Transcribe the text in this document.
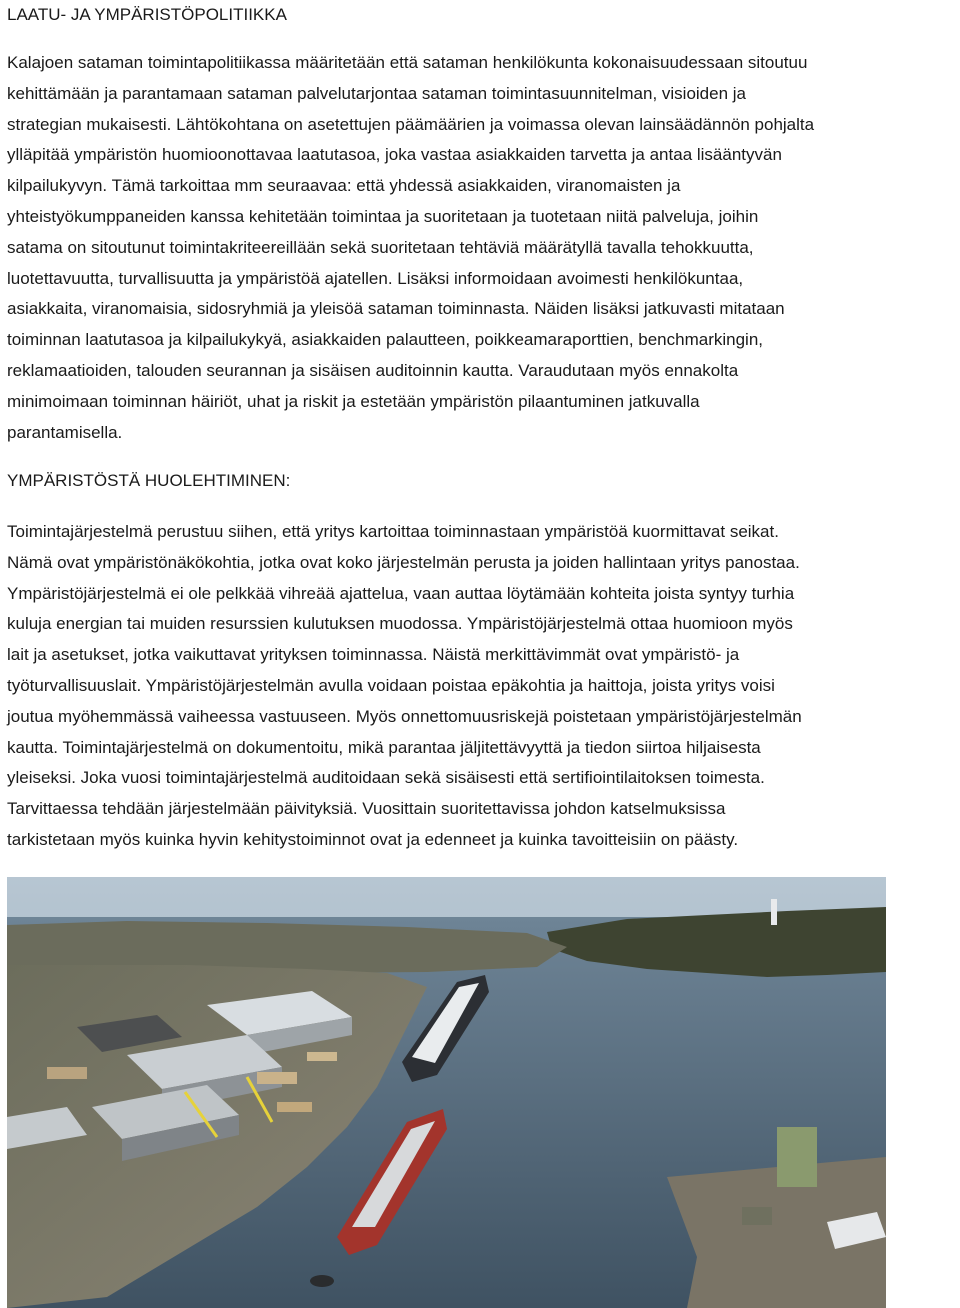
LAATU- JA YMPÄRISTÖPOLITIIKKA

Kalajoen sataman toimintapolitiikassa määritetään että sataman henkilökunta kokonaisuudessaan sitoutuu
kehittämään ja parantamaan sataman palvelutarjontaa sataman toimintasuunnitelman, visioiden ja
strategian mukaisesti. Lähtökohtana on asetettujen päämäärien ja voimassa olevan lainsäädännön pohjalta
ylläpitää ympäristön huomioonottavaa laatutasoa, joka vastaa asiakkaiden tarvetta ja antaa lisääntyvän
kilpailukyvyn. Tämä tarkoittaa mm seuraavaa: että yhdessä asiakkaiden, viranomaisten ja
yhteistyökumppaneiden kanssa kehitetään toimintaa ja suoritetaan ja tuotetaan niitä palveluja, joihin
satama on sitoutunut toimintakriteereillään sekä suoritetaan tehtäviä määrätyllä tavalla tehokkuutta,
luotettavuutta, turvallisuutta ja ympäristöä ajatellen. Lisäksi informoidaan avoimesti henkilökuntaa,
asiakkaita, viranomaisia, sidosryhmiä ja yleisöä sataman toiminnasta. Näiden lisäksi jatkuvasti mitataan
toiminnan laatutasoa ja kilpailukykyä, asiakkaiden palautteen, poikkeamaraporttien, benchmarkingin,
reklamaatioiden, talouden seurannan ja sisäisen auditoinnin kautta. Varaudutaan myös ennakolta
minimoimaan toiminnan häiriöt, uhat ja riskit ja estetään ympäristön pilaantuminen jatkuvalla
parantamisella.

YMPÄRISTÖSTÄ HUOLEHTIMINEN:

Toimintajärjestelmä perustuu siihen, että yritys kartoittaa toiminnastaan ympäristöä kuormittavat seikat.
Nämä ovat ympäristönäkökohtia, jotka ovat koko järjestelmän perusta ja joiden hallintaan yritys panostaa.
Ympäristöjärjestelmä ei ole pelkkää vihreää ajattelua, vaan auttaa löytämään kohteita joista syntyy turhia
kuluja energian tai muiden resurssien kulutuksen muodossa. Ympäristöjärjestelmä ottaa huomioon myös
lait ja asetukset, jotka vaikuttavat yrityksen toiminnassa. Näistä merkittävimmät ovat ympäristö- ja
työturvallisuuslait. Ympäristöjärjestelmän avulla voidaan poistaa epäkohtia ja haittoja, joista yritys voisi
joutua myöhemmässä vaiheessa vastuuseen. Myös onnettomuusriskejä poistetaan ympäristöjärjestelmän
kautta. Toimintajärjestelmä on dokumentoitu, mikä parantaa jäljitettävyyttä ja tiedon siirtoa hiljaisesta
yleiseksi. Joka vuosi toimintajärjestelmä auditoidaan sekä sisäisesti että sertifiointilaitoksen toimesta.
Tarvittaessa tehdään järjestelmään päivityksiä. Vuosittain suoritettavissa johdon katselmuksissa
tarkistetaan myös kuinka hyvin kehitystoiminnot ovat ja edenneet ja kuinka tavoitteisiin on päästy.
